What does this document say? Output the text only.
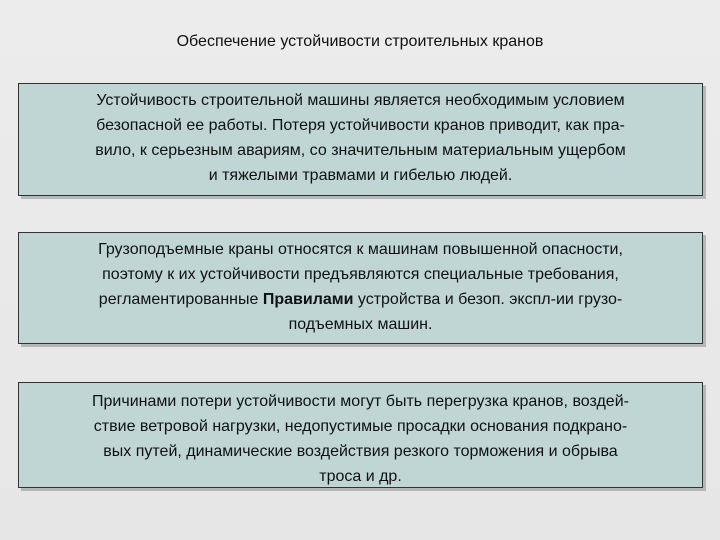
Обеспечение устойчивости строительных кранов
Устойчивость строительной машины является необходимым условием
безопасной ее работы. Потеря устойчивости кранов приводит, как пра-
вило, к серьезным авариям, со значительным материальным ущербом
и тяжелыми травмами и гибелью людей.
Грузоподъемные краны относятся к машинам повышенной опасности,
поэтому к их устойчивости предъявляются специальные требования,
регламентированные Правилами устройства и безоп. экспл-ии грузо-
подъемных машин.
Причинами потери устойчивости могут быть перегрузка кранов, воздей-
ствие ветровой нагрузки, недопустимые просадки основания подкрано-
вых путей, динамические воздействия резкого торможения и обрыва
троса и др.
